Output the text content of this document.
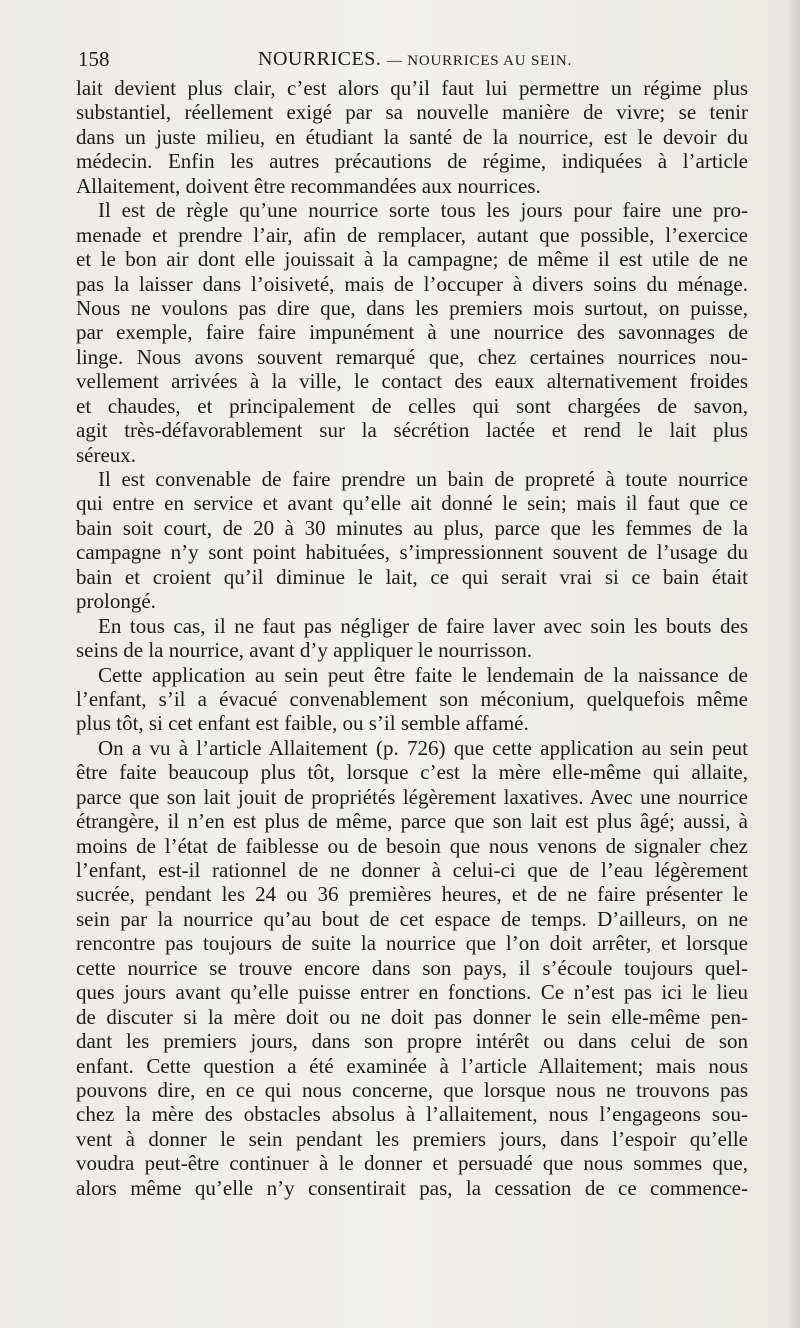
158	NOURRICES. — NOURRICES AU SEIN.
lait devient plus clair, c’est alors qu’il faut lui permettre un régime plus
substantiel, réellement exigé par sa nouvelle manière de vivre; se tenir
dans un juste milieu, en étudiant la santé de la nourrice, est le devoir du
médecin. Enfin les autres précautions de régime, indiquées à l’article
Allaitement, doivent être recommandées aux nourrices.
Il est de règle qu’une nourrice sorte tous les jours pour faire une pro-
menade et prendre l’air, afin de remplacer, autant que possible, l’exercice
et le bon air dont elle jouissait à la campagne; de même il est utile de ne
pas la laisser dans l’oisiveté, mais de l’occuper à divers soins du ménage.
Nous ne voulons pas dire que, dans les premiers mois surtout, on puisse,
par exemple, faire faire impunément à une nourrice des savonnages de
linge. Nous avons souvent remarqué que, chez certaines nourrices nou-
vellement arrivées à la ville, le contact des eaux alternativement froides
et chaudes, et principalement de celles qui sont chargées de savon,
agit très-défavorablement sur la sécrétion lactée et rend le lait plus
séreux.
Il est convenable de faire prendre un bain de propreté à toute nourrice
qui entre en service et avant qu’elle ait donné le sein; mais il faut que ce
bain soit court, de 20 à 30 minutes au plus, parce que les femmes de la
campagne n’y sont point habituées, s’impressionnent souvent de l’usage du
bain et croient qu’il diminue le lait, ce qui serait vrai si ce bain était
prolongé.
En tous cas, il ne faut pas négliger de faire laver avec soin les bouts des
seins de la nourrice, avant d’y appliquer le nourrisson.
Cette application au sein peut être faite le lendemain de la naissance de
l’enfant, s’il a évacué convenablement son méconium, quelquefois même
plus tôt, si cet enfant est faible, ou s’il semble affamé.
On a vu à l’article Allaitement (p. 726) que cette application au sein peut
être faite beaucoup plus tôt, lorsque c’est la mère elle-même qui allaite,
parce que son lait jouit de propriétés légèrement laxatives. Avec une nourrice
étrangère, il n’en est plus de même, parce que son lait est plus âgé; aussi, à
moins de l’état de faiblesse ou de besoin que nous venons de signaler chez
l’enfant, est-il rationnel de ne donner à celui-ci que de l’eau légèrement
sucrée, pendant les 24 ou 36 premières heures, et de ne faire présenter le
sein par la nourrice qu’au bout de cet espace de temps. D’ailleurs, on ne
rencontre pas toujours de suite la nourrice que l’on doit arrêter, et lorsque
cette nourrice se trouve encore dans son pays, il s’écoule toujours quel-
ques jours avant qu’elle puisse entrer en fonctions. Ce n’est pas ici le lieu
de discuter si la mère doit ou ne doit pas donner le sein elle-même pen-
dant les premiers jours, dans son propre intérêt ou dans celui de son
enfant. Cette question a été examinée à l’article Allaitement; mais nous
pouvons dire, en ce qui nous concerne, que lorsque nous ne trouvons pas
chez la mère des obstacles absolus à l’allaitement, nous l’engageons sou-
vent à donner le sein pendant les premiers jours, dans l’espoir qu’elle
voudra peut-être continuer à le donner et persuadé que nous sommes que,
alors même qu’elle n’y consentirait pas, la cessation de ce commence-
